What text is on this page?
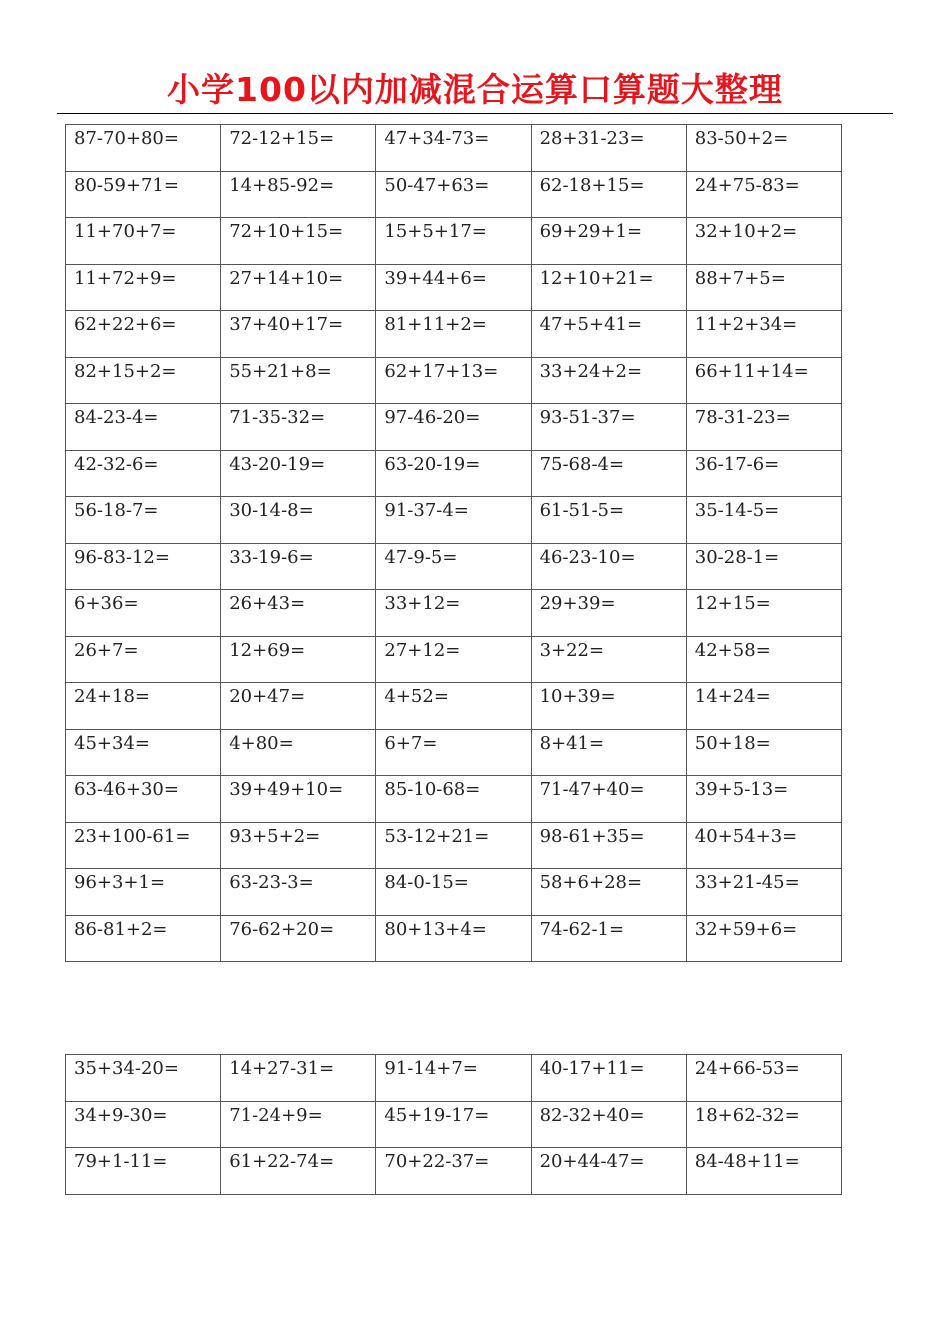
小学100以内加减混合运算口算题大整理
87-70+80=	72-12+15=	47+34-73=	28+31-23=	83-50+2=

80-59+71=	14+85-92=	50-47+63=	62-18+15=	24+75-83=

11+70+7=	72+10+15=	15+5+17=	69+29+1=	32+10+2=

11+72+9=	27+14+10=	39+44+6=	12+10+21=	88+7+5=

62+22+6=	37+40+17=	81+11+2=	47+5+41=	11+2+34=

82+15+2=	55+21+8=	62+17+13=	33+24+2=	66+11+14=

84-23-4=	71-35-32=	97-46-20=	93-51-37=	78-31-23=

42-32-6=	43-20-19=	63-20-19=	75-68-4=	36-17-6=

56-18-7=	30-14-8=	91-37-4=	61-51-5=	35-14-5=

96-83-12=	33-19-6=	47-9-5=	46-23-10=	30-28-1=

6+36=	26+43=	33+12=	29+39=	12+15=

26+7=	12+69=	27+12=	3+22=	42+58=

24+18=	20+47=	4+52=	10+39=	14+24=

45+34=	4+80=	6+7=	8+41=	50+18=

63-46+30=	39+49+10=	85-10-68=	71-47+40=	39+5-13=

23+100-61=	93+5+2=	53-12+21=	98-61+35=	40+54+3=

96+3+1=	63-23-3=	84-0-15=	58+6+28=	33+21-45=

86-81+2=	76-62+20=	80+13+4=	74-62-1=	32+59+6=
35+34-20=	14+27-31=	91-14+7=	40-17+11=	24+66-53=

34+9-30=	71-24+9=	45+19-17=	82-32+40=	18+62-32=

79+1-11=	61+22-74=	70+22-37=	20+44-47=	84-48+11=
